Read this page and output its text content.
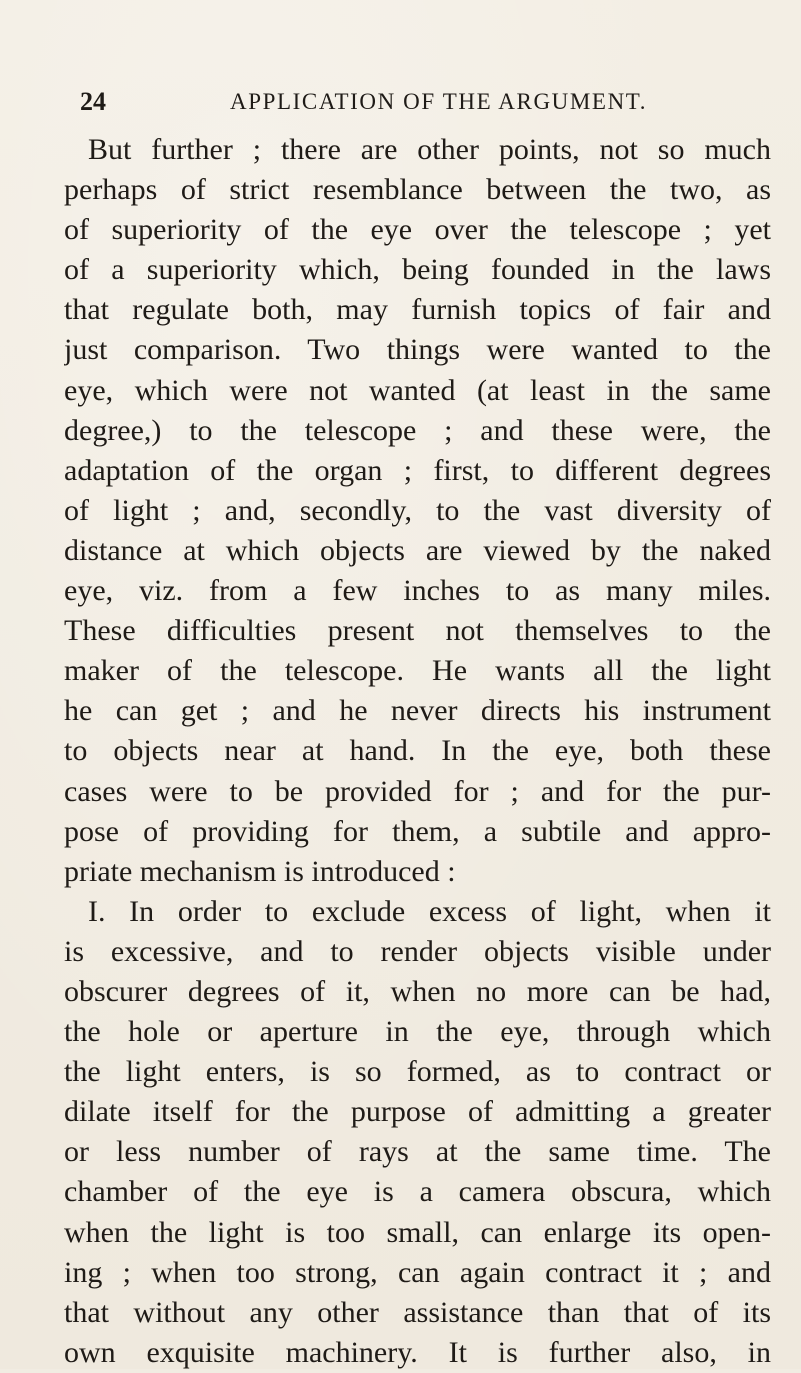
24	APPLICATION OF THE ARGUMENT.
But further ; there are other points, not so much
perhaps of strict resemblance between the two, as
of superiority of the eye over the telescope ; yet
of a superiority which, being founded in the laws
that regulate both, may furnish topics of fair and
just comparison. Two things were wanted to the
eye, which were not wanted (at least in the same
degree,) to the telescope ; and these were, the
adaptation of the organ ; first, to different degrees
of light ; and, secondly, to the vast diversity of
distance at which objects are viewed by the naked
eye, viz. from a few inches to as many miles.
These difficulties present not themselves to the
maker of the telescope. He wants all the light
he can get ; and he never directs his instrument
to objects near at hand. In the eye, both these
cases were to be provided for ; and for the pur-
pose of providing for them, a subtile and appro-
priate mechanism is introduced :
I. In order to exclude excess of light, when it
is excessive, and to render objects visible under
obscurer degrees of it, when no more can be had,
the hole or aperture in the eye, through which
the light enters, is so formed, as to contract or
dilate itself for the purpose of admitting a greater
or less number of rays at the same time. The
chamber of the eye is a camera obscura, which
when the light is too small, can enlarge its open-
ing ; when too strong, can again contract it ; and
that without any other assistance than that of its
own exquisite machinery. It is further also, in
